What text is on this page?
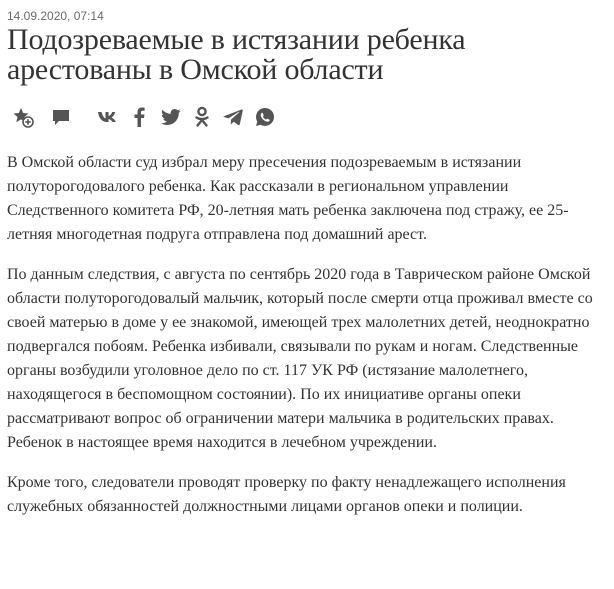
14.09.2020, 07:14
Подозреваемые в истязании ребенка арестованы в Омской области

В Омской области суд избрал меру пресечения подозреваемым в истязании полуторогодовалого ребенка. Как рассказали в региональном управлении Следственного комитета РФ, 20-летняя мать ребенка заключена под стражу, ее 25-летняя многодетная подруга отправлена под домашний арест.

По данным следствия, с августа по сентябрь 2020 года в Таврическом районе Омской области полуторогодовалый мальчик, который после смерти отца проживал вместе со своей матерью в доме у ее знакомой, имеющей трех малолетних детей, неоднократно подвергался побоям. Ребенка избивали, связывали по рукам и ногам. Следственные органы возбудили уголовное дело по ст. 117 УК РФ (истязание малолетнего, находящегося в беспомощном состоянии). По их инициативе органы опеки рассматривают вопрос об ограничении матери мальчика в родительских правах. Ребенок в настоящее время находится в лечебном учреждении.

Кроме того, следователи проводят проверку по факту ненадлежащего исполнения служебных обязанностей должностными лицами органов опеки и полиции.
